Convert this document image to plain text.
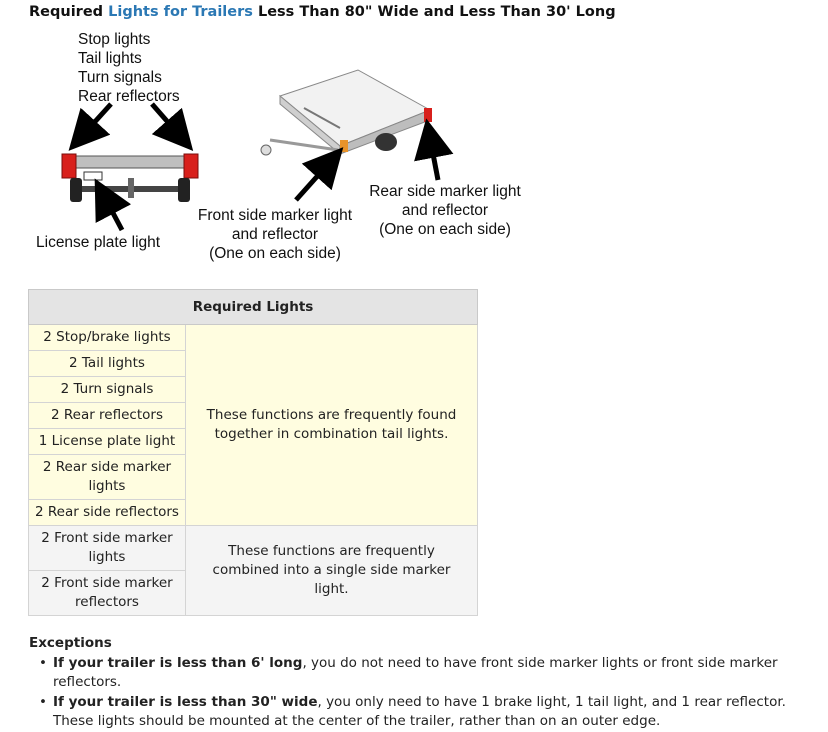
Required Lights for Trailers Less Than 80" Wide and Less Than 30' Long
Stop lights
Tail lights
Turn signals
Rear reflectors
License plate light
Front side marker light
and reflector
(One on each side)
Rear side marker light
and reflector
(One on each side)
Required Lights	
2 Stop/brake lights	These functions are frequently found together in combination tail lights.
2 Tail lights	
2 Turn signals	
2 Rear reflectors	
1 License plate light	
2 Rear side marker lights	
2 Rear side reflectors	
2 Front side marker lights	These functions are frequently combined into a single side marker light.
2 Front side marker reflectors	
Exceptions
• If your trailer is less than 6' long, you do not need to have front side marker lights or front side marker reflectors.
• If your trailer is less than 30" wide, you only need to have 1 brake light, 1 tail light, and 1 rear reflector. These lights should be mounted at the center of the trailer, rather than on an outer edge.
